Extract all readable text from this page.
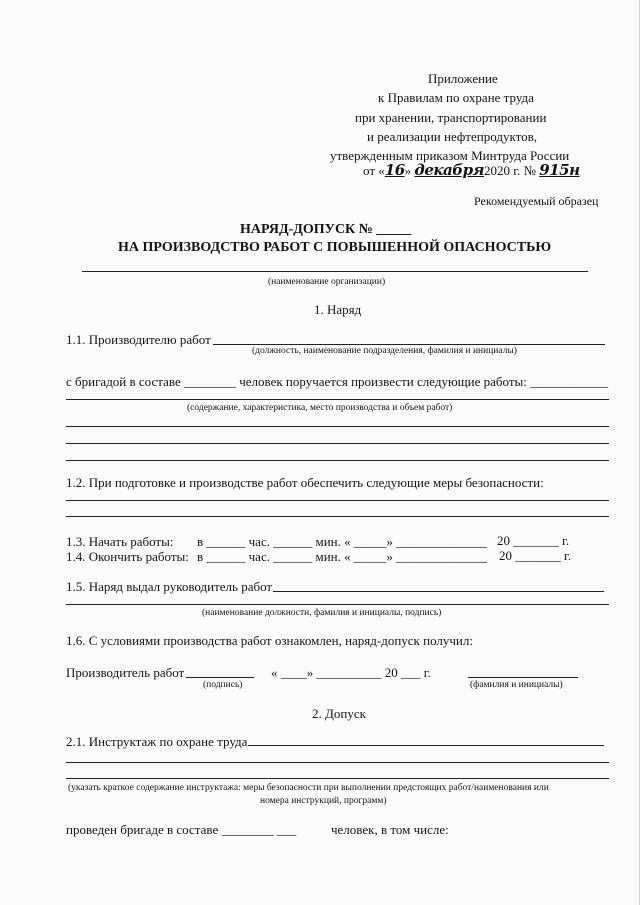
Приложение
к Правилам по охране труда
при хранении, транспортировании
и реализации нефтепродуктов,
утвержденным приказом Минтруда России
от «16» декабря2020 г. № 915н
Рекомендуемый образец
НАРЯД-ДОПУСК № _____
НА ПРОИЗВОДСТВО РАБОТ С ПОВЫШЕННОЙ ОПАСНОСТЬЮ
(наименование организации)
1. Наряд
1.1. Производителю работ
(должность, наименование подразделения, фамилия и инициалы)
с бригадой в составе ________ человек поручается произвести следующие работы: ____________
(содержание, характеристика, место производства и объем работ)
1.2. При подготовке и производстве работ обеспечить следующие меры безопасности:
1.3. Начать работы: в ______ час. ______ мин. « _____» ______________ 20 _______ г.
1.4. Окончить работы: в ______ час. ______ мин. « _____» ______________ 20 _______ г.
1.5. Наряд выдал руководитель работ
(наименование должности, фамилия и инициалы, подпись)
1.6. С условиями производства работ ознакомлен, наряд-допуск получил:
Производитель работ	« ____» __________ 20 ___ г.
(подпись)	(фамилия и инициалы)
2. Допуск
2.1. Инструктаж по охране труда
(указать краткое содержание инструктажа: меры безопасности при выполнении предстоящих работ/наименования или
номера инструкций, программ)
проведен бригаде в составе ________ ___	человек, в том числе:
